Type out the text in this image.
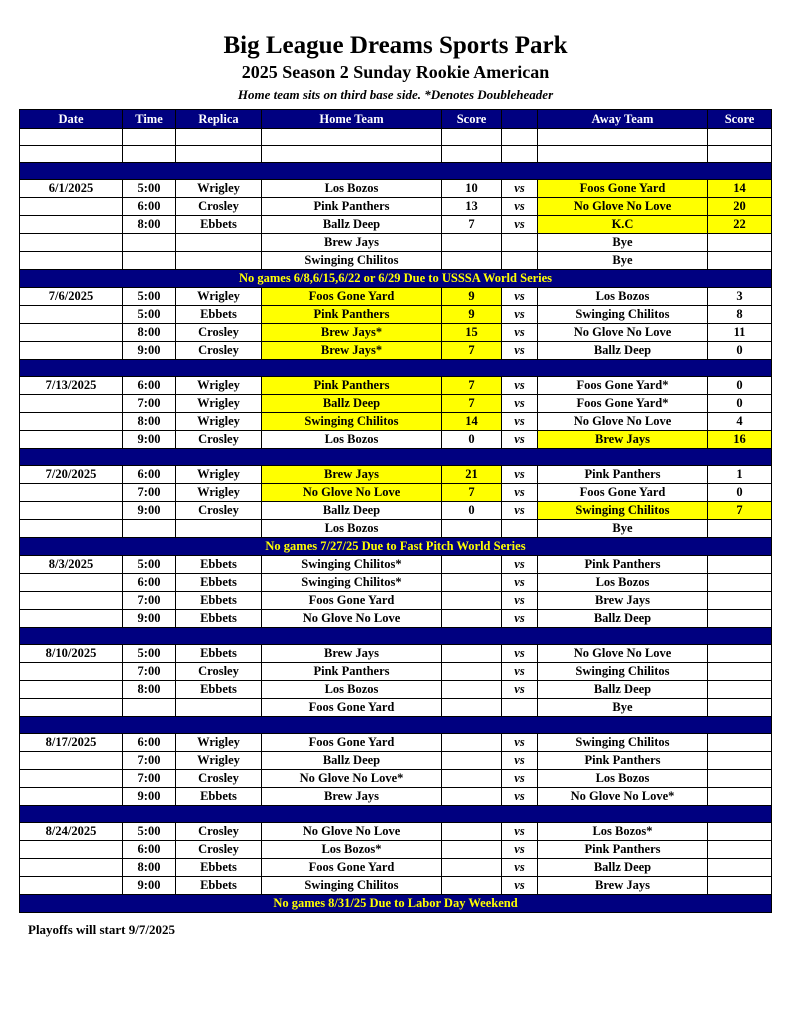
Big League Dreams Sports Park
2025 Season 2 Sunday Rookie American
Home team sits on third base side. *Denotes Doubleheader
Date	Time	Replica	Home Team	Score		Away Team	Score

6/1/2025	5:00	Wrigley	Los Bozos	10	vs	Foos Gone Yard	14
	6:00	Crosley	Pink Panthers	13	vs	No Glove No Love	20
	8:00	Ebbets	Ballz Deep	7	vs	K.C	22
			Brew Jays			Bye	
			Swinging Chilitos			Bye	
No games 6/8,6/15,6/22 or 6/29 Due to USSSA World Series							
7/6/2025	5:00	Wrigley	Foos Gone Yard	9	vs	Los Bozos	3
	5:00	Ebbets	Pink Panthers	9	vs	Swinging Chilitos	8
	8:00	Crosley	Brew Jays*	15	vs	No Glove No Love	11
	9:00	Crosley	Brew Jays*	7	vs	Ballz Deep	0

7/13/2025	6:00	Wrigley	Pink Panthers	7	vs	Foos Gone Yard*	0
	7:00	Wrigley	Ballz Deep	7	vs	Foos Gone Yard*	0
	8:00	Wrigley	Swinging Chilitos	14	vs	No Glove No Love	4
	9:00	Crosley	Los Bozos	0	vs	Brew Jays	16

7/20/2025	6:00	Wrigley	Brew Jays	21	vs	Pink Panthers	1
	7:00	Wrigley	No Glove No Love	7	vs	Foos Gone Yard	0
	9:00	Crosley	Ballz Deep	0	vs	Swinging Chilitos	7
			Los Bozos			Bye	
No games 7/27/25 Due to Fast Pitch World Series							
8/3/2025	5:00	Ebbets	Swinging Chilitos*		vs	Pink Panthers	
	6:00	Ebbets	Swinging Chilitos*		vs	Los Bozos	
	7:00	Ebbets	Foos Gone Yard		vs	Brew Jays	
	9:00	Ebbets	No Glove No Love		vs	Ballz Deep	

8/10/2025	5:00	Ebbets	Brew Jays		vs	No Glove No Love	
	7:00	Crosley	Pink Panthers		vs	Swinging Chilitos	
	8:00	Ebbets	Los Bozos		vs	Ballz Deep	
			Foos Gone Yard			Bye	

8/17/2025	6:00	Wrigley	Foos Gone Yard		vs	Swinging Chilitos	
	7:00	Wrigley	Ballz Deep		vs	Pink Panthers	
	7:00	Crosley	No Glove No Love*		vs	Los Bozos	
	9:00	Ebbets	Brew Jays		vs	No Glove No Love*	

8/24/2025	5:00	Crosley	No Glove No Love		vs	Los Bozos*	
	6:00	Crosley	Los Bozos*		vs	Pink Panthers	
	8:00	Ebbets	Foos Gone Yard		vs	Ballz Deep	
	9:00	Ebbets	Swinging Chilitos		vs	Brew Jays	
No games 8/31/25 Due to Labor Day Weekend							
Playoffs will start 9/7/2025
